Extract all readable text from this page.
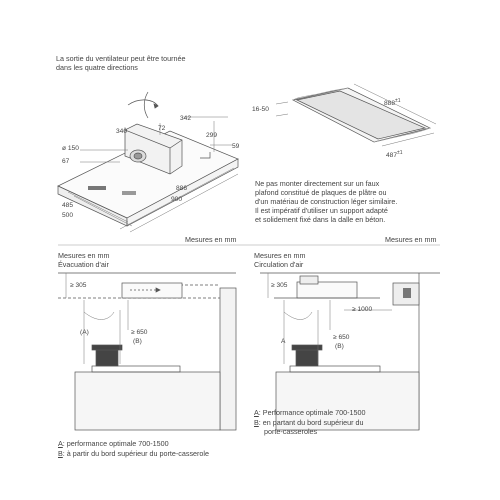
La sortie du ventilateur peut être tournée
dans les quatre directions
340	72
342
299
59
ø 150
67
886
900
485
500
16-50
$888^{\pm 1}$
$487^{\pm 1}$
Ne pas monter directement sur un faux
plafond constitué de plaques de plâtre ou
d'un matériau de construction léger similaire.
Il est impératif d'utiliser un support adapté
et solidement fixé dans la dalle en béton.
Mesures en mm	Mesures en mm
Mesures en mm
Évacuation d'air
≥ 305
(A)	≥ 650
(B)
A: performance optimale 700-1500
B: à partir du bord supérieur du porte-casserole
Mesures en mm
Circulation d'air
≥ 305
≥ 1000
A
≥ 650
(B)
A: Performance optimale 700-1500
B: en partant du bord supérieur du
porte-casseroles
